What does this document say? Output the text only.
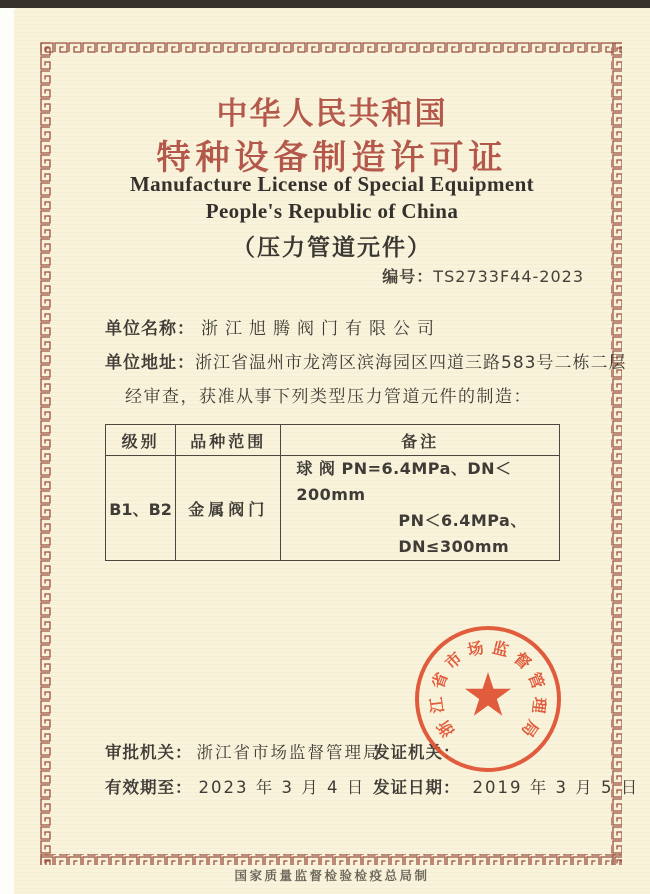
中华人民共和国
特种设备制造许可证
Manufacture License of Special Equipment
People's Republic of China
（压力管道元件）
编号：TS2733F44-2023
单位名称： 浙江旭腾阀门有限公司
单位地址：浙江省温州市龙湾区滨海园区四道三路583号二栋二层
经审查，获准从事下列类型压力管道元件的制造：
级别	品种范围	备注
B1、B2	金属阀门	球 阀 PN=6.4MPa、DN＜200mm
PN＜6.4MPa、DN≤300mm
审批机关： 浙江省市场监督管理局
发证机关：
有效期至： 2023 年 3 月 4 日 发证日期： 2019 年 3 月 5 日
★
浙
江
省
市 场 监 督
管
理
局
国家质量监督检验检疫总局制
